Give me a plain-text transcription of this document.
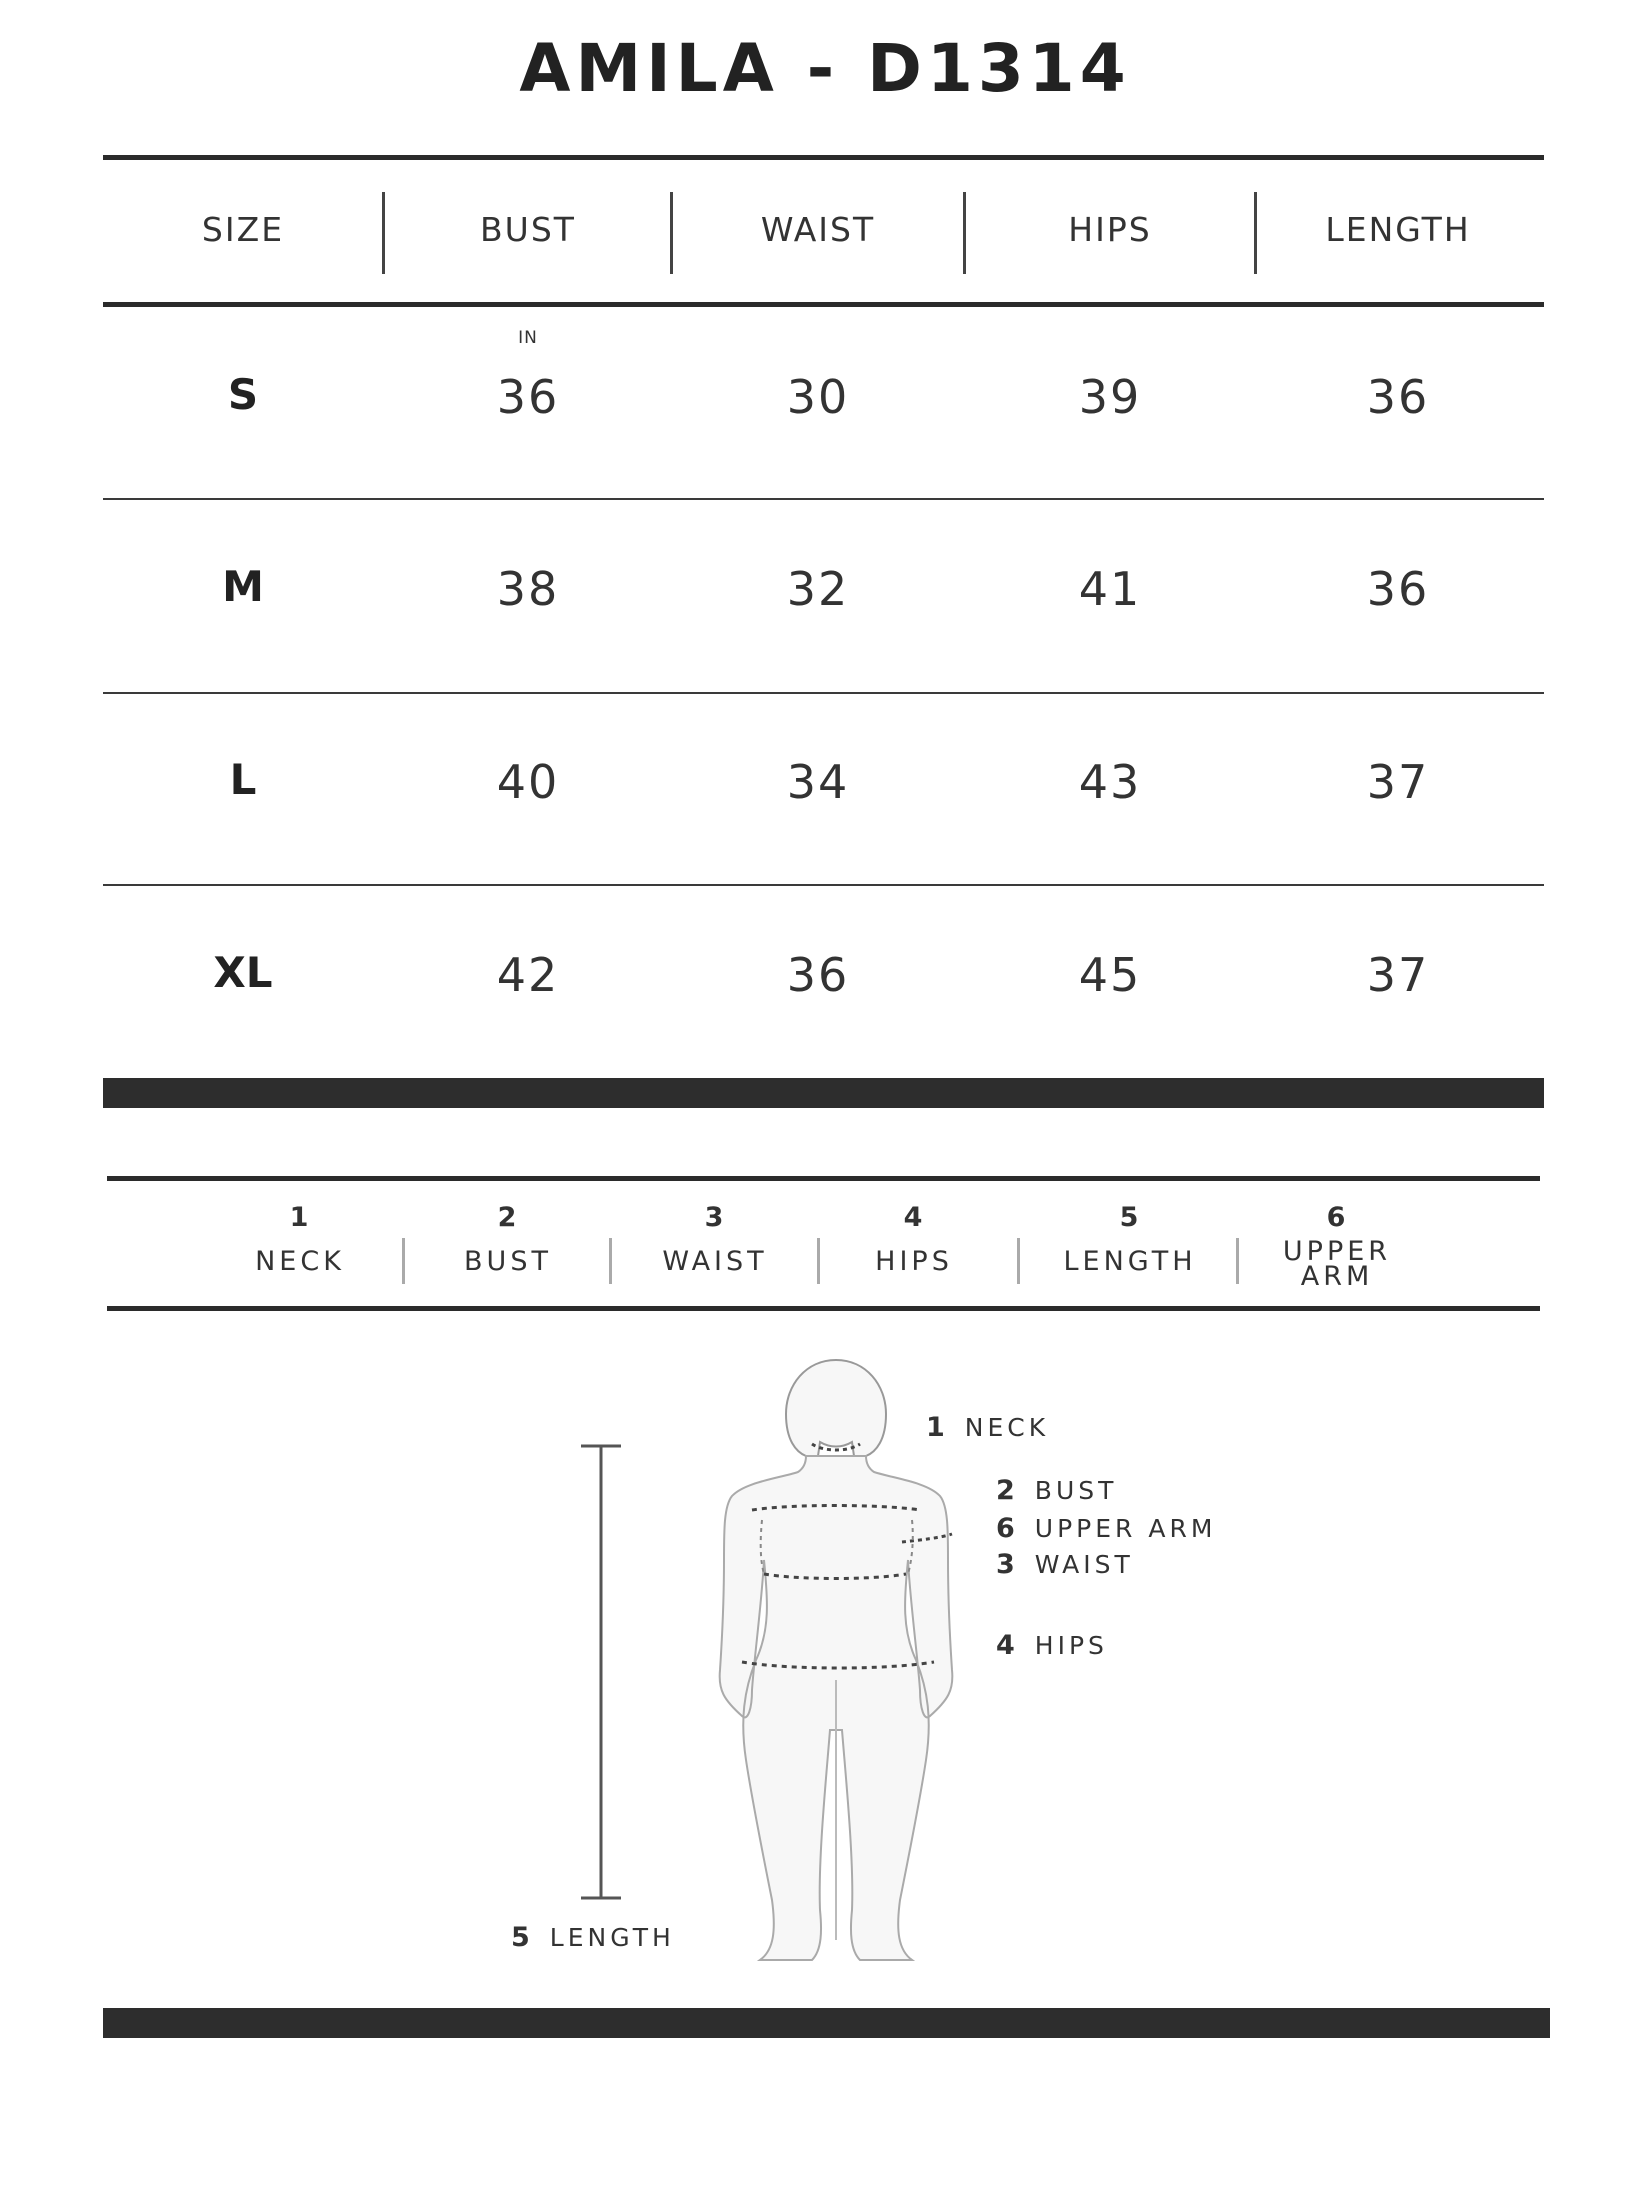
AMILA - D1314
SIZE	BUST	WAIST	HIPS	LENGTH
IN
S	36	30	39	36
M	38	32	41	36
L	40	34	43	37
XL	42	36	45	37
1
NECK
2
BUST
3
WAIST
4
HIPS
5
LENGTH
6
UPPER ARM
1 NECK
2 BUST
6 UPPER ARM
3 WAIST
4 HIPS
5 LENGTH
